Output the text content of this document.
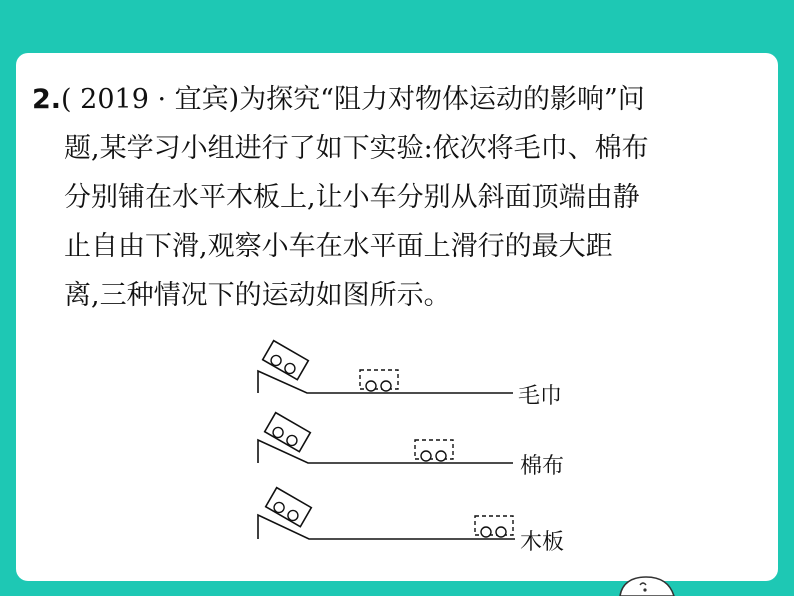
2.( 2019 · 宜宾)为探究“阻力对物体运动的影响”问
题,某学习小组进行了如下实验:依次将毛巾、棉布
分别铺在水平木板上,让小车分别从斜面顶端由静
止自由下滑,观察小车在水平面上滑行的最大距
离,三种情况下的运动如图所示。
毛巾
棉布
木板
